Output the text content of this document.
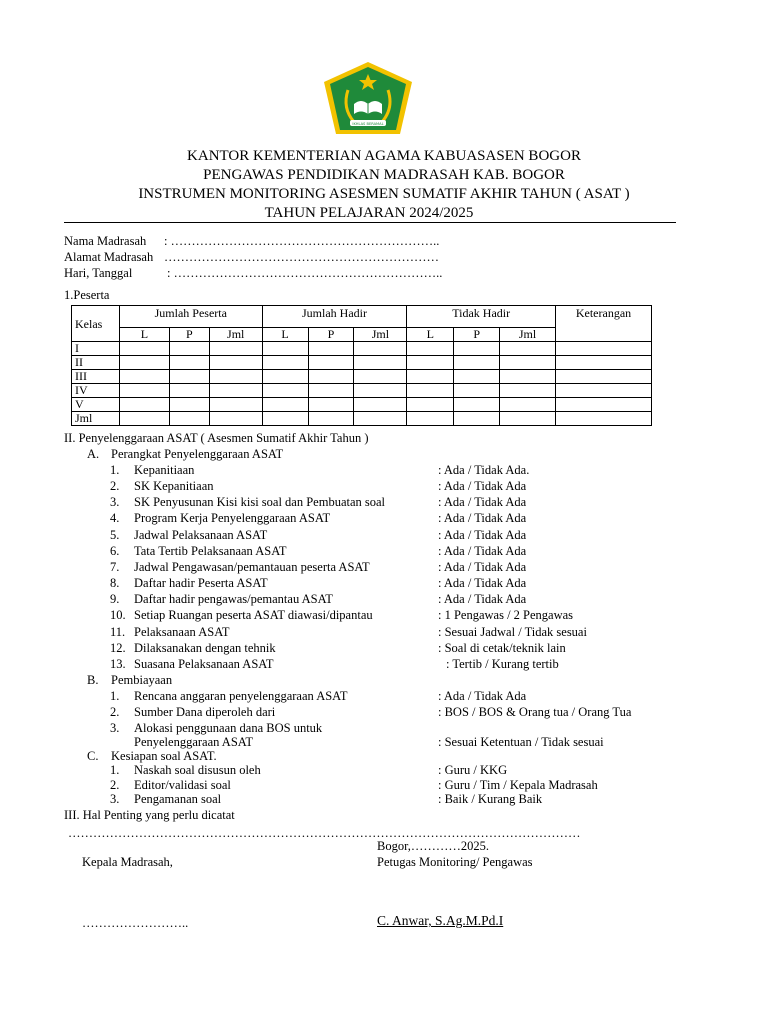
IKHLAS BERAMAL
KANTOR KEMENTERIAN AGAMA KABUASASEN BOGOR
PENGAWAS PENDIDIKAN MADRASAH KAB. BOGOR
INSTRUMEN MONITORING ASESMEN SUMATIF AKHIR TAHUN ( ASAT )
TAHUN PELAJARAN 2024/2025
Nama Madrasah : ………………………………………………………..
Alamat Madrasah …………………………………………………………
Hari, Tanggal	: ………………………………………………………..
1.Peserta
Kelas	Jumlah Peserta			Jumlah Hadir			Tidak Hadir			Keterangan
	L	P	Jml	L	P	Jml	L	P	Jml	
I										
II										
III										
IV										
V										
Jml										
II. Penyelenggaraan ASAT ( Asesmen Sumatif Akhir Tahun )
A. Perangkat Penyelenggaraan ASAT
1. Kepanitiaan	: Ada / Tidak Ada.
2. SK Kepanitiaan	: Ada / Tidak Ada
3. SK Penyusunan Kisi kisi soal dan Pembuatan soal	: Ada / Tidak Ada
4. Program Kerja Penyelenggaraan ASAT	: Ada / Tidak Ada
5. Jadwal Pelaksanaan ASAT	: Ada / Tidak Ada
6. Tata Tertib Pelaksanaan ASAT	: Ada / Tidak Ada
7. Jadwal Pengawasan/pemantauan peserta ASAT	: Ada / Tidak Ada
8. Daftar hadir Peserta ASAT	: Ada / Tidak Ada
9. Daftar hadir pengawas/pemantau ASAT	: Ada / Tidak Ada
10. Setiap Ruangan peserta ASAT diawasi/dipantau	: 1 Pengawas / 2 Pengawas
11. Pelaksanaan ASAT	: Sesuai Jadwal / Tidak sesuai
12. Dilaksanakan dengan tehnik	: Soal di cetak/teknik lain
13. Suasana Pelaksanaan ASAT	: Tertib / Kurang tertib
B. Pembiayaan
1. Rencana anggaran penyelenggaraan ASAT	: Ada / Tidak Ada
2. Sumber Dana diperoleh dari	: BOS / BOS & Orang tua / Orang Tua
3. Alokasi penggunaan dana BOS untuk
Penyelenggaraan ASAT	: Sesuai Ketentuan / Tidak sesuai
C. Kesiapan soal ASAT.
1. Naskah soal disusun oleh	: Guru / KKG
2. Editor/validasi soal	: Guru / Tim / Kepala Madrasah
3. Pengamanan soal	: Baik / Kurang Baik
III. Hal Penting yang perlu dicatat
……………………………………………………………………………………………………………
Bogor,…………2025.
Kepala Madrasah,	Petugas Monitoring/ Pengawas
……………………..	C. Anwar, S.Ag.M.Pd.I
